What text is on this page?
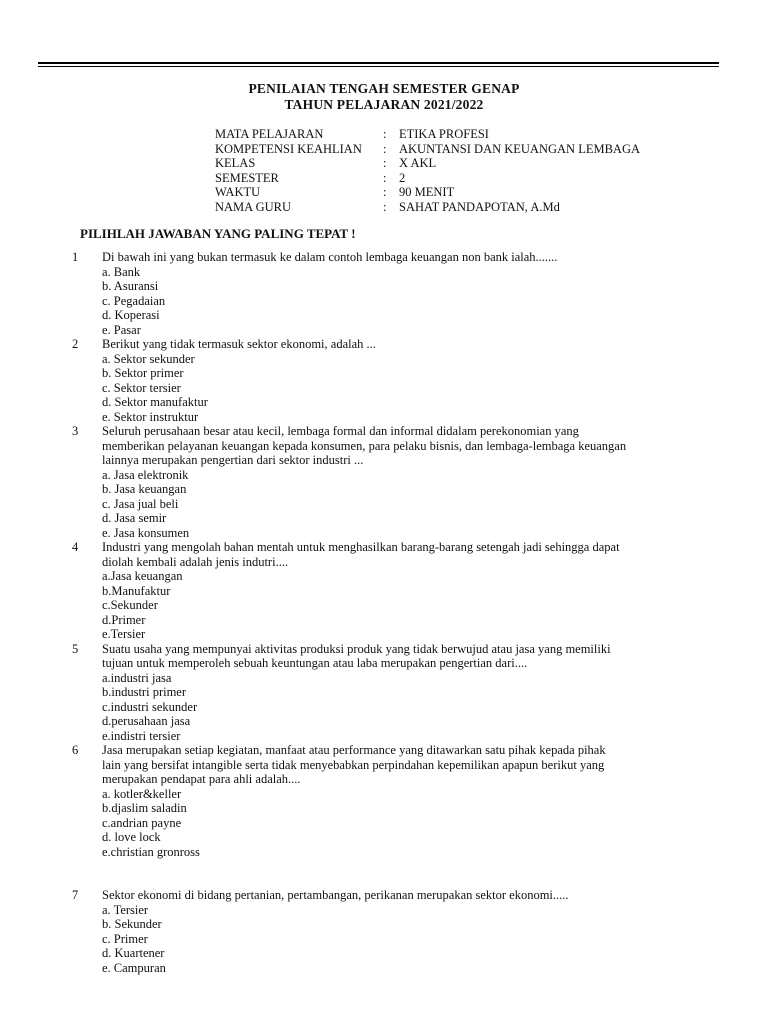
PENILAIAN TENGAH SEMESTER GENAP
TAHUN PELAJARAN 2021/2022
MATA PELAJARAN	:	ETIKA PROFESI
KOMPETENSI KEAHLIAN	:	AKUNTANSI DAN KEUANGAN LEMBAGA
KELAS	:	X AKL
SEMESTER	:	2
WAKTU	:	90 MENIT
NAMA GURU	:	SAHAT PANDAPOTAN, A.Md
PILIHLAH JAWABAN YANG PALING TEPAT !
1	Di bawah ini yang bukan termasuk ke dalam contoh lembaga keuangan non bank ialah.......
a. Bank
b. Asuransi
c. Pegadaian
d. Koperasi
e. Pasar
2	Berikut yang tidak termasuk sektor ekonomi, adalah ...
a. Sektor sekunder
b. Sektor primer
c. Sektor tersier
d. Sektor manufaktur
e. Sektor instruktur
3	Seluruh perusahaan besar atau kecil, lembaga formal dan informal didalam perekonomian yang
memberikan pelayanan keuangan kepada konsumen, para pelaku bisnis, dan lembaga-lembaga keuangan
lainnya merupakan pengertian dari sektor industri ...
a. Jasa elektronik
b. Jasa keuangan
c. Jasa jual beli
d. Jasa semir
e. Jasa konsumen
4	Industri yang mengolah bahan mentah untuk menghasilkan barang-barang setengah jadi sehingga dapat
diolah kembali adalah jenis indutri....
a.Jasa keuangan
b.Manufaktur
c.Sekunder
d.Primer
e.Tersier
5	Suatu usaha yang mempunyai aktivitas produksi produk yang tidak berwujud atau jasa yang memiliki
tujuan untuk memperoleh sebuah keuntungan atau laba merupakan pengertian dari....
a.industri jasa
b.industri primer
c.industri sekunder
d.perusahaan jasa
e.indistri tersier
6	Jasa merupakan setiap kegiatan, manfaat atau performance yang ditawarkan satu pihak kepada pihak
lain yang bersifat intangible serta tidak menyebabkan perpindahan kepemilikan apapun berikut yang
merupakan pendapat para ahli adalah....
a. kotler&keller
b.djaslim saladin
c.andrian payne
d. love lock
e.christian gronross
7	Sektor ekonomi di bidang pertanian, pertambangan, perikanan merupakan sektor ekonomi.....
a. Tersier
b. Sekunder
c. Primer
d. Kuartener
e. Campuran
